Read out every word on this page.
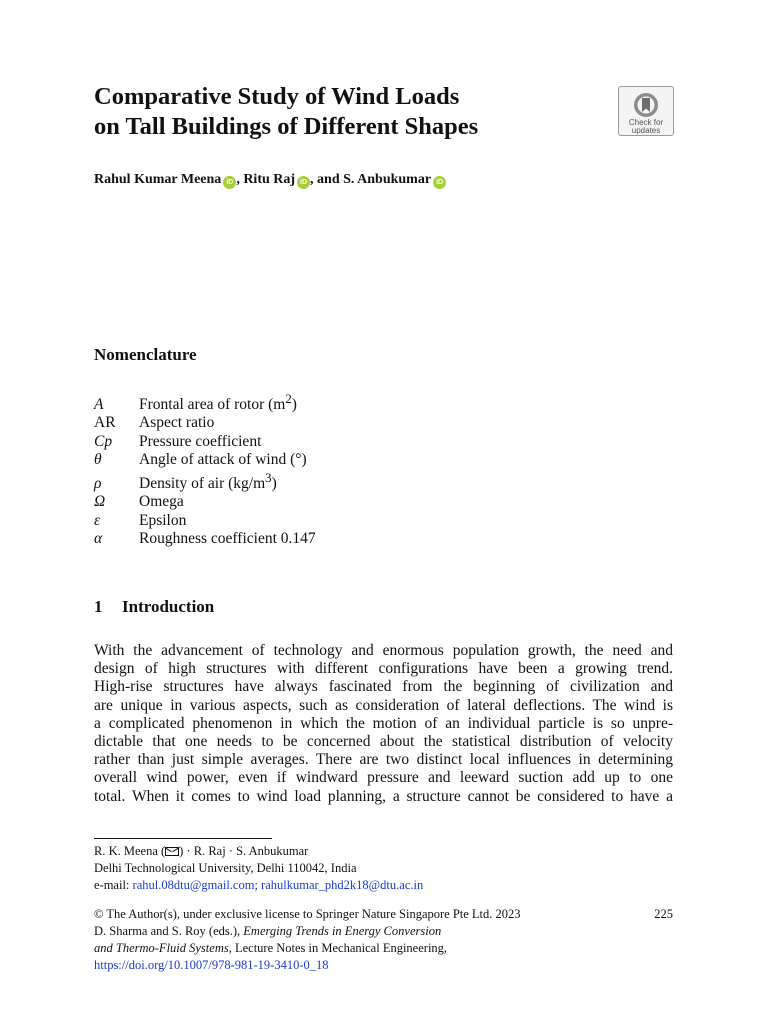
Comparative Study of Wind Loads
on Tall Buildings of Different Shapes	Check for
updates
Rahul Kumar Meena iD , Ritu Raj iD , and S. Anbukumar iD
Nomenclature
A Frontal area of rotor $(m^2)$
AR Aspect ratio
Cp Pressure coefficient
θ Angle of attack of wind (°)
ρ Density of air $(kg/m^3)$
Ω Omega
ε	Epsilon
α Roughness coefficient 0.147
1 Introduction
With the advancement of technology and enormous population growth, the need and
design of high structures with different configurations have been a growing trend.
High-rise structures have always fascinated from the beginning of civilization and
are unique in various aspects, such as consideration of lateral deflections. The wind is
a complicated phenomenon in which the motion of an individual particle is so unpre-
dictable that one needs to be concerned about the statistical distribution of velocity
rather than just simple averages. There are two distinct local influences in determining
overall wind power, even if windward pressure and leeward suction add up to one
total. When it comes to wind load planning, a structure cannot be considered to have a
R. K. Meena ( ) · R. Raj · S. Anbukumar
Delhi Technological University, Delhi 110042, India
e-mail: rahul.08dtu@gmail.com; rahulkumar_phd2k18@dtu.ac.in
© The Author(s), under exclusive license to Springer Nature Singapore Pte Ltd. 2023	225
D. Sharma and S. Roy (eds.), Emerging Trends in Energy Conversion
and Thermo-Fluid Systems, Lecture Notes in Mechanical Engineering,
https://doi.org/10.1007/978-981-19-3410-0_18
